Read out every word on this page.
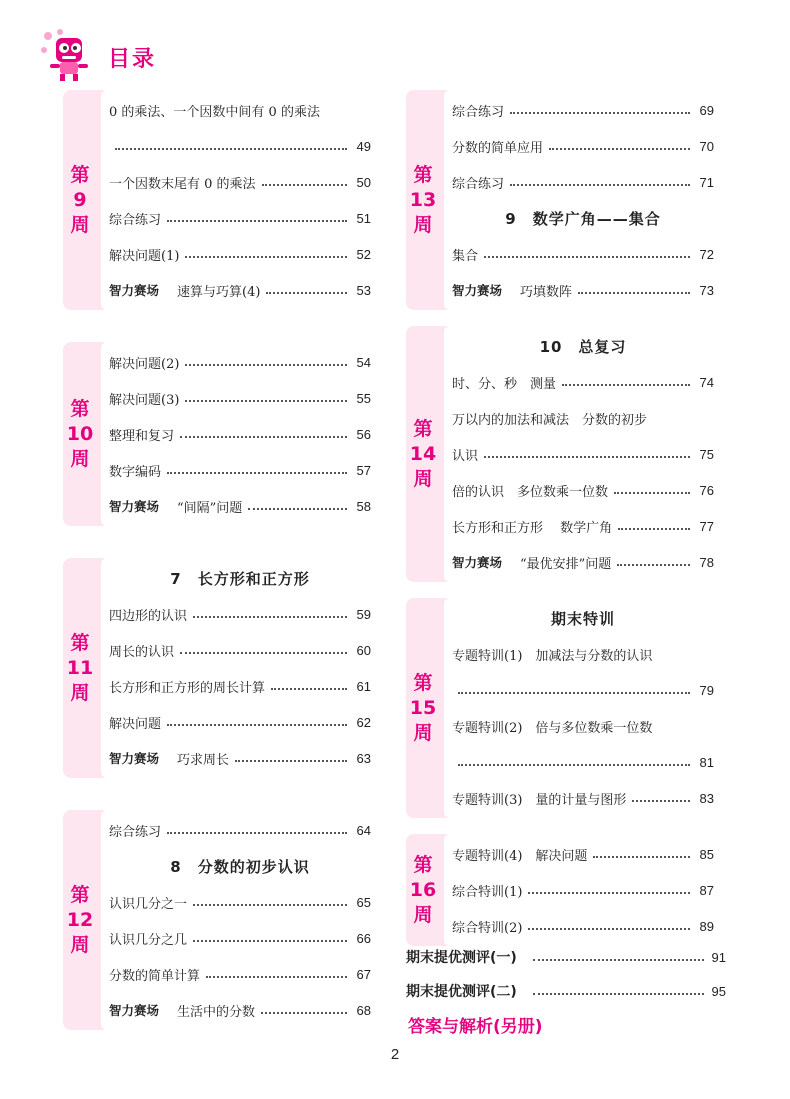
目录
第
9
周
0 的乘法、一个因数中间有 0 的乘法
49
一个因数末尾有 0 的乘法	50
综合练习	51
解决问题(1)	52
智力赛场 速算与巧算(4)	53
第
10
周
解决问题(2)	54
解决问题(3)	55
整理和复习	56
数字编码	57
智力赛场 “间隔”问题	58
第
11
周
7　长方形和正方形
四边形的认识	59
周长的认识	60
长方形和正方形的周长计算	61
解决问题	62
智力赛场 巧求周长	63
第
12
周
综合练习	64
8　分数的初步认识
认识几分之一	65
认识几分之几	66
分数的简单计算	67
智力赛场 生活中的分数	68
第
13
周
综合练习	69
分数的简单应用	70
综合练习	71
9　数学广角——集合
集合	72
智力赛场 巧填数阵	73
第
14
周
10　总复习
时、分、秒　测量	74
万以内的加法和减法　分数的初步
认识	75
倍的认识　多位数乘一位数	76
长方形和正方形　 数学广角	77
智力赛场 “最优安排”问题	78
第
15
周
期末特训
专题特训(1)　加减法与分数的认识
79
专题特训(2)　倍与多位数乘一位数
81
专题特训(3)　量的计量与图形	83
第
16
周
专题特训(4)　解决问题	85
综合特训(1)	87
综合特训(2)	89
期末提优测评(一)	91
期末提优测评(二)	95
答案与解析(另册)
2
